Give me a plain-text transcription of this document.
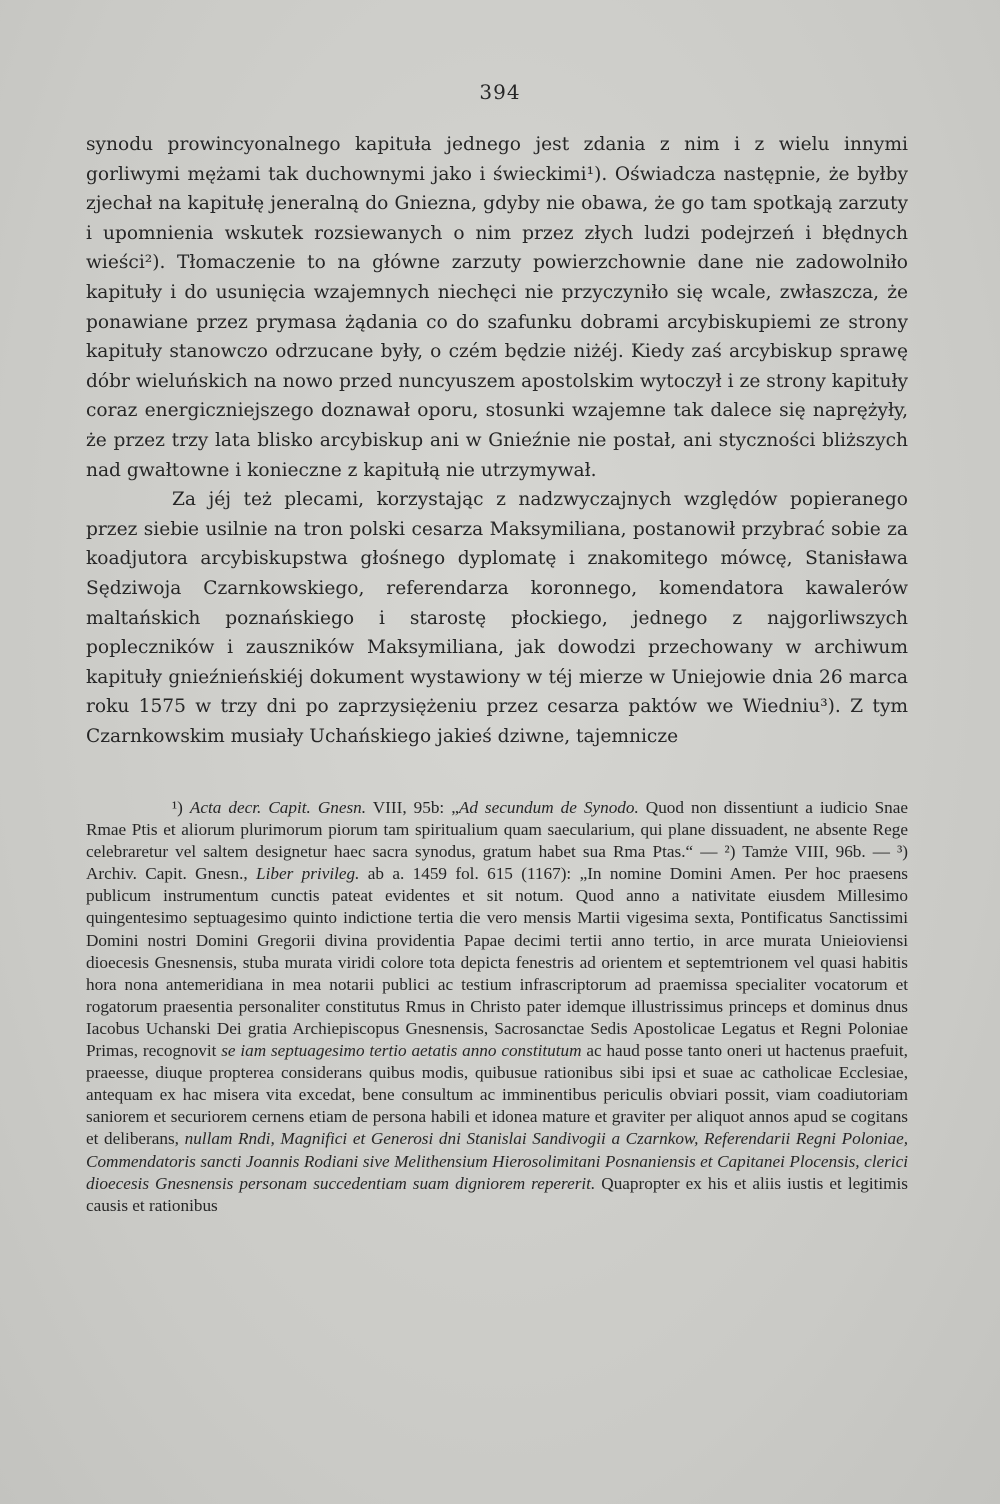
394

synodu prowincyonalnego kapituła jednego jest zdania z nim i z wielu innymi gorliwymi mężami tak duchownymi jako i świeckimi¹). Oświadcza następnie, że byłby zjechał na kapitułę jeneralną do Gniezna, gdyby nie obawa, że go tam spotkają zarzuty i upomnienia wskutek rozsiewanych o nim przez złych ludzi podejrzeń i błędnych wieści²). Tłomaczenie to na główne zarzuty powierzchownie dane nie zadowolniło kapituły i do usunięcia wzajemnych niechęci nie przyczyniło się wcale, zwłaszcza, że ponawiane przez prymasa żądania co do szafunku dobrami arcybiskupiemi ze strony kapituły stanowczo odrzucane były, o czém będzie niżéj. Kiedy zaś arcybiskup sprawę dóbr wieluńskich na nowo przed nuncyuszem apostolskim wytoczył i ze strony kapituły coraz energiczniejszego doznawał oporu, stosunki wzajemne tak dalece się naprężyły, że przez trzy lata blisko arcybiskup ani w Gnieźnie nie postał, ani styczności bliższych nad gwałtowne i konieczne z kapitułą nie utrzymywał.

Za jéj też plecami, korzystając z nadzwyczajnych względów popieranego przez siebie usilnie na tron polski cesarza Maksymiliana, postanowił przybrać sobie za koadjutora arcybiskupstwa głośnego dyplomatę i znakomitego mówcę, Stanisława Sędziwoja Czarnkowskiego, referendarza koronnego, komendatora kawalerów maltańskich poznańskiego i starostę płockiego, jednego z najgorliwszych popleczników i zauszników Maksymiliana, jak dowodzi przechowany w archiwum kapituły gnieźnieńskiéj dokument wystawiony w téj mierze w Uniejowie dnia 26 marca roku 1575 w trzy dni po zaprzysiężeniu przez cesarza paktów we Wiedniu³). Z tym Czarnkowskim musiały Uchańskiego jakieś dziwne, tajemnicze

¹) Acta decr. Capit. Gnesn. VIII, 95b: „Ad secundum de Synodo. Quod non dissentiunt a iudicio Snae Rmae Ptis et aliorum plurimorum piorum tam spiritualium quam saecularium, qui plane dissuadent, ne absente Rege celebraretur vel saltem designetur haec sacra synodus, gratum habet sua Rma Ptas.“ — ²) Tamże VIII, 96b. — ³) Archiv. Capit. Gnesn., Liber privileg. ab a. 1459 fol. 615 (1167): „In nomine Domini Amen. Per hoc praesens publicum instrumentum cunctis pateat evidentes et sit notum. Quod anno a nativitate eiusdem Millesimo quingentesimo septuagesimo quinto indictione tertia die vero mensis Martii vigesima sexta, Pontificatus Sanctissimi Domini nostri Domini Gregorii divina providentia Papae decimi tertii anno tertio, in arce murata Unieioviensi dioecesis Gnesnensis, stuba murata viridi colore tota depicta fenestris ad orientem et septemtrionem vel quasi habitis hora nona antemeridiana in mea notarii publici ac testium infrascriptorum ad praemissa specialiter vocatorum et rogatorum praesentia personaliter constitutus Rmus in Christo pater idemque illustrissimus princeps et dominus dnus Iacobus Uchanski Dei gratia Archiepiscopus Gnesnensis, Sacrosanctae Sedis Apostolicae Legatus et Regni Poloniae Primas, recognovit se iam septuagesimo tertio aetatis anno constitutum ac haud posse tanto oneri ut hactenus praefuit, praeesse, diuque propterea considerans quibus modis, quibusue rationibus sibi ipsi et suae ac catholicae Ecclesiae, antequam ex hac misera vita excedat, bene consultum ac imminentibus periculis obviari possit, viam coadiutoriam saniorem et securiorem cernens etiam de persona habili et idonea mature et graviter per aliquot annos apud se cogitans et deliberans, nullam Rndi, Magnifici et Generosi dni Stanislai Sandivogii a Czarnkow, Referendarii Regni Poloniae, Commendatoris sancti Joannis Rodiani sive Melithensium Hierosolimitani Posnaniensis et Capitanei Plocensis, clerici dioecesis Gnesnensis personam succedentiam suam digniorem repererit. Quapropter ex his et aliis iustis et legitimis causis et rationibus
